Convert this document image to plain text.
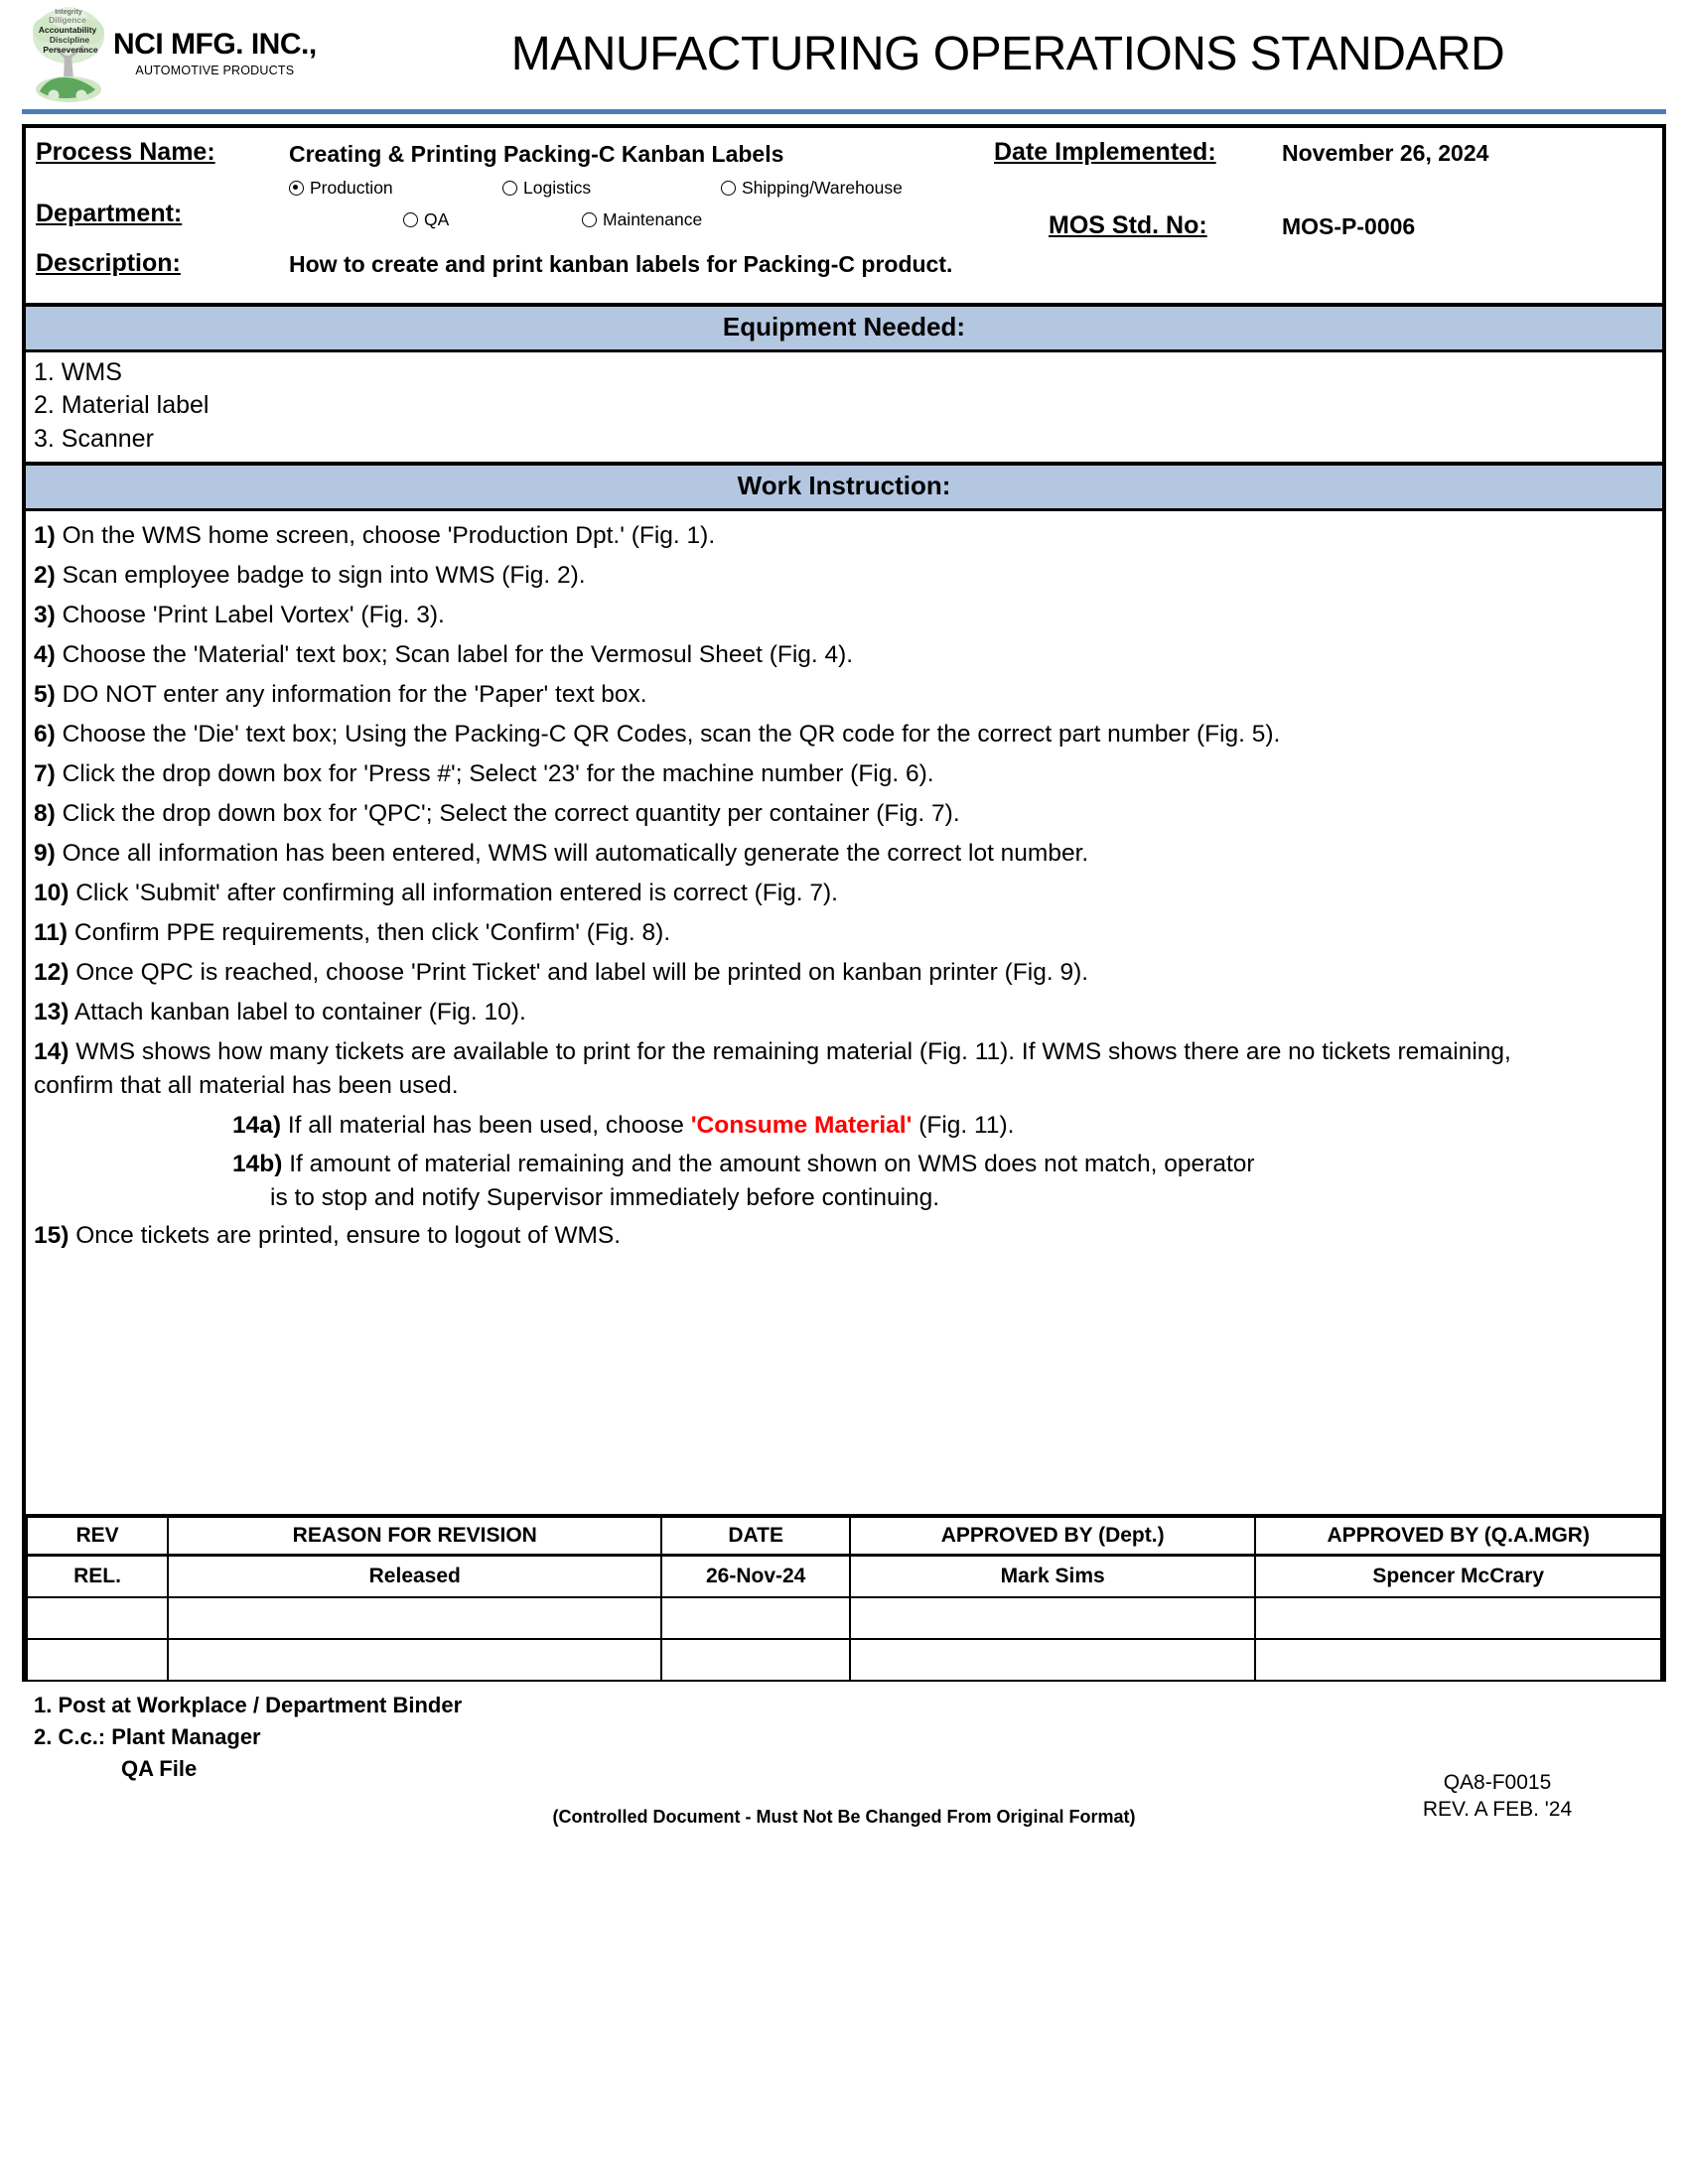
Integrity
Diligence
Accountability
Discipline
Perseverance NCI MFG. INC.,
AUTOMOTIVE PRODUCTS	MANUFACTURING OPERATIONS STANDARD
Process Name:	Creating & Printing Packing-C Kanban Labels	Date Implemented:	November 26, 2024
Department:
Production	Logistics	Shipping/Warehouse
QA	Maintenance	MOS Std. No:	MOS-P-0006
Description:	How to create and print kanban labels for Packing-C product.
Equipment Needed:
1. WMS
2. Material label
3. Scanner
Work Instruction:

1) On the WMS home screen, choose 'Production Dpt.' (Fig. 1).

2) Scan employee badge to sign into WMS (Fig. 2).

3) Choose 'Print Label Vortex' (Fig. 3).

4) Choose the 'Material' text box; Scan label for the Vermosul Sheet (Fig. 4).

5) DO NOT enter any information for the 'Paper' text box.

6) Choose the 'Die' text box; Using the Packing-C QR Codes, scan the QR code for the correct part number (Fig. 5).

7) Click the drop down box for 'Press #'; Select '23' for the machine number (Fig. 6).

8) Click the drop down box for 'QPC'; Select the correct quantity per container (Fig. 7).

9) Once all information has been entered, WMS will automatically generate the correct lot number.

10) Click 'Submit' after confirming all information entered is correct (Fig. 7).

11) Confirm PPE requirements, then click 'Confirm' (Fig. 8).

12) Once QPC is reached, choose 'Print Ticket' and label will be printed on kanban printer (Fig. 9).

13) Attach kanban label to container (Fig. 10).

14) WMS shows how many tickets are available to print for the remaining material (Fig. 11). If WMS shows there are no tickets remaining, confirm that all material has been used.

14a) If all material has been used, choose 'Consume Material' (Fig. 11).

14b) If amount of material remaining and the amount shown on WMS does not match, operator
is to stop and notify Supervisor immediately before continuing.

15) Once tickets are printed, ensure to logout of WMS.

REV	REASON FOR REVISION	DATE	APPROVED BY (Dept.)	APPROVED BY (Q.A.MGR)
REL.	Released	26-Nov-24	Mark Sims	Spencer McCrary

1. Post at Workplace / Department Binder
2. C.c.: Plant Manager
QA File
(Controlled Document - Must Not Be Changed From Original Format)
QA8-F0015
REV. A FEB. '24
